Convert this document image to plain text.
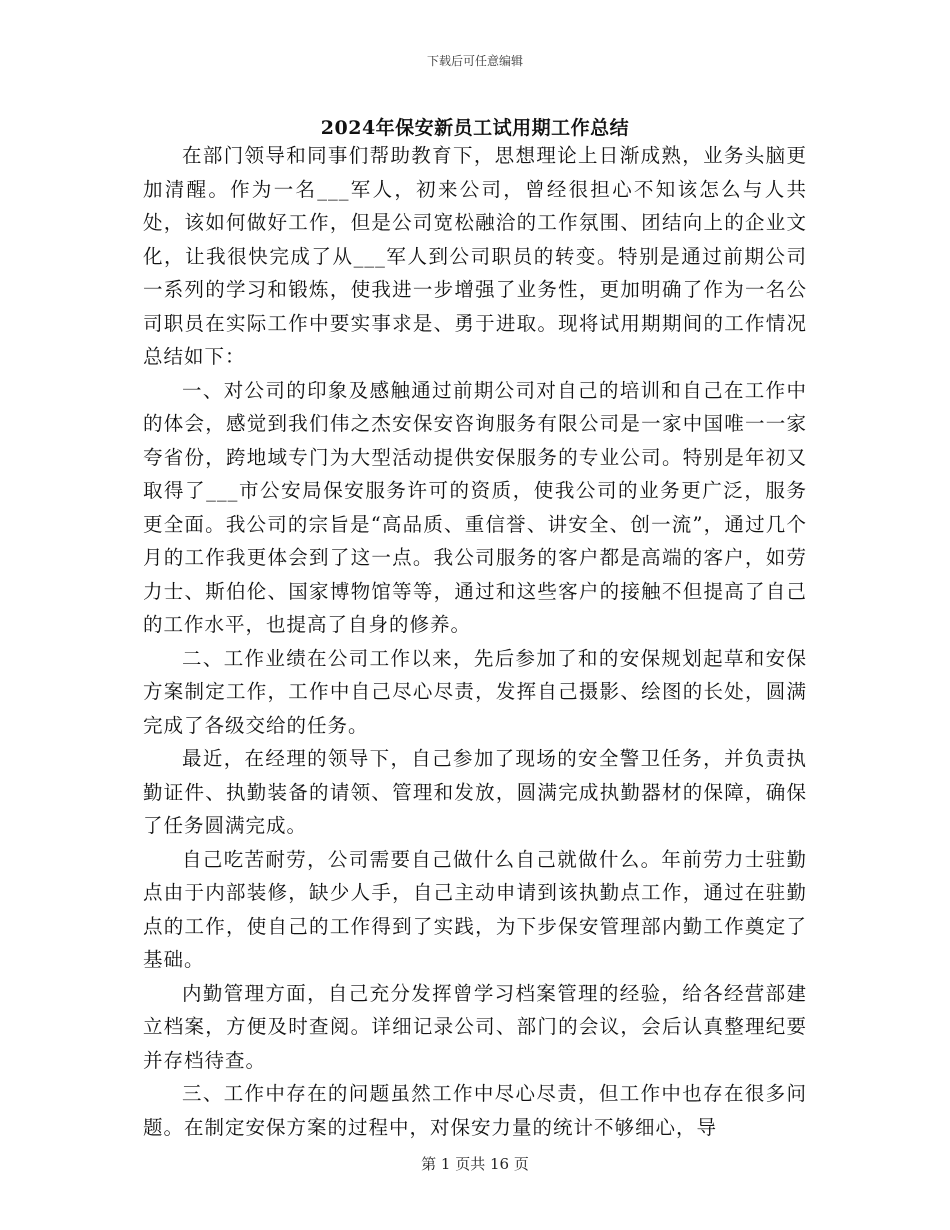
下载后可任意编辑
2024年保安新员工试用期工作总结

在部门领导和同事们帮助教育下，思想理论上日渐成熟，业务头脑更加清醒。作为一名___军人，初来公司，曾经很担心不知该怎么与人共处，该如何做好工作，但是公司宽松融洽的工作氛围、团结向上的企业文化，让我很快完成了从___军人到公司职员的转变。特别是通过前期公司一系列的学习和锻炼，使我进一步增强了业务性，更加明确了作为一名公司职员在实际工作中要实事求是、勇于进取。现将试用期期间的工作情况总结如下：

一、对公司的印象及感触通过前期公司对自己的培训和自己在工作中的体会，感觉到我们伟之杰安保安咨询服务有限公司是一家中国唯一一家夸省份，跨地域专门为大型活动提供安保服务的专业公司。特别是年初又取得了___市公安局保安服务许可的资质，使我公司的业务更广泛，服务更全面。我公司的宗旨是“高品质、重信誉、讲安全、创一流”，通过几个月的工作我更体会到了这一点。我公司服务的客户都是高端的客户，如劳力士、斯伯伦、国家博物馆等等，通过和这些客户的接触不但提高了自己的工作水平，也提高了自身的修养。

二、工作业绩在公司工作以来，先后参加了和的安保规划起草和安保方案制定工作，工作中自己尽心尽责，发挥自己摄影、绘图的长处，圆满完成了各级交给的任务。

最近，在经理的领导下，自己参加了现场的安全警卫任务，并负责执勤证件、执勤装备的请领、管理和发放，圆满完成执勤器材的保障，确保了任务圆满完成。

自己吃苦耐劳，公司需要自己做什么自己就做什么。年前劳力士驻勤点由于内部装修，缺少人手，自己主动申请到该执勤点工作，通过在驻勤点的工作，使自己的工作得到了实践，为下步保安管理部内勤工作奠定了基础。

内勤管理方面，自己充分发挥曾学习档案管理的经验，给各经营部建立档案，方便及时查阅。详细记录公司、部门的会议，会后认真整理纪要并存档待查。

三、工作中存在的问题虽然工作中尽心尽责，但工作中也存在很多问题。在制定安保方案的过程中，对保安力量的统计不够细心，导

第 1 页共 16 页
